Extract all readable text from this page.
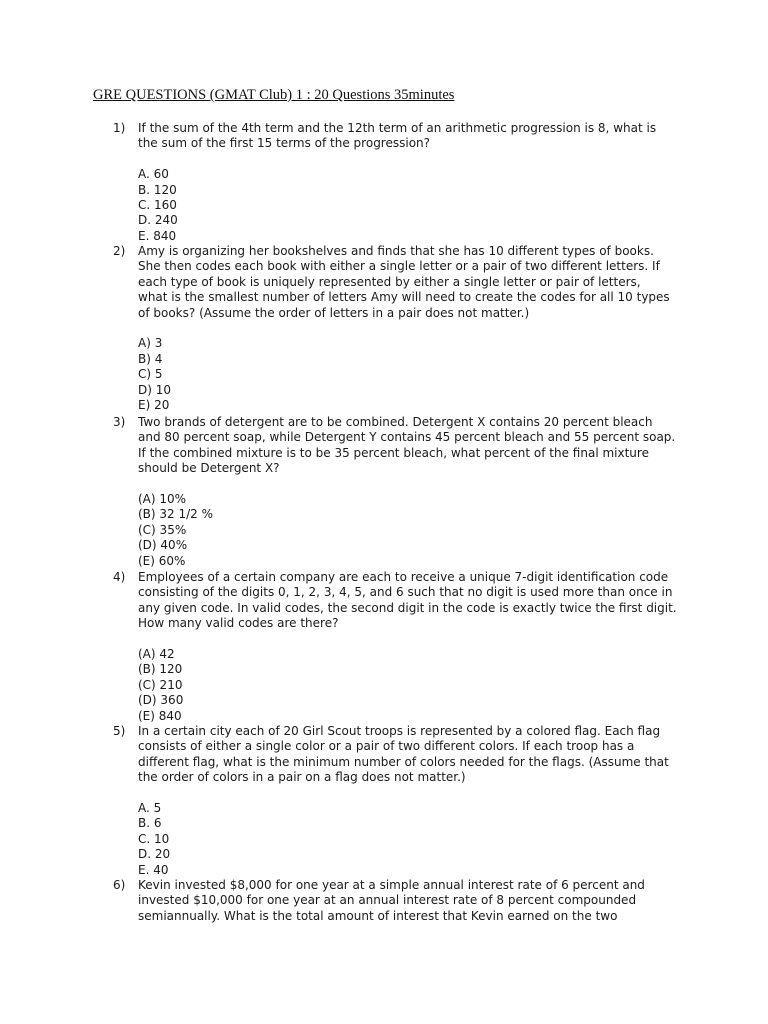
GRE QUESTIONS (GMAT Club) 1 : 20 Questions 35minutes
1) If the sum of the 4th term and the 12th term of an arithmetic progression is 8, what is the sum of the first 15 terms of the progression?

A. 60
B. 120
C. 160
D. 240
E. 840
2) Amy is organizing her bookshelves and finds that she has 10 different types of books. She then codes each book with either a single letter or a pair of two different letters. If each type of book is uniquely represented by either a single letter or pair of letters, what is the smallest number of letters Amy will need to create the codes for all 10 types of books? (Assume the order of letters in a pair does not matter.)

A) 3
B) 4
C) 5
D) 10
E) 20
3) Two brands of detergent are to be combined. Detergent X contains 20 percent bleach and 80 percent soap, while Detergent Y contains 45 percent bleach and 55 percent soap. If the combined mixture is to be 35 percent bleach, what percent of the final mixture should be Detergent X?

(A) 10%
(B) 32 1/2 %
(C) 35%
(D) 40%
(E) 60%
4) Employees of a certain company are each to receive a unique 7-digit identification code consisting of the digits 0, 1, 2, 3, 4, 5, and 6 such that no digit is used more than once in any given code. In valid codes, the second digit in the code is exactly twice the first digit. How many valid codes are there?

(A) 42
(B) 120
(C) 210
(D) 360
(E) 840
5) In a certain city each of 20 Girl Scout troops is represented by a colored flag. Each flag consists of either a single color or a pair of two different colors. If each troop has a different flag, what is the minimum number of colors needed for the flags. (Assume that the order of colors in a pair on a flag does not matter.)

A. 5
B. 6
C. 10
D. 20
E. 40
6) Kevin invested $8,000 for one year at a simple annual interest rate of 6 percent and invested $10,000 for one year at an annual interest rate of 8 percent compounded semiannually. What is the total amount of interest that Kevin earned on the two
